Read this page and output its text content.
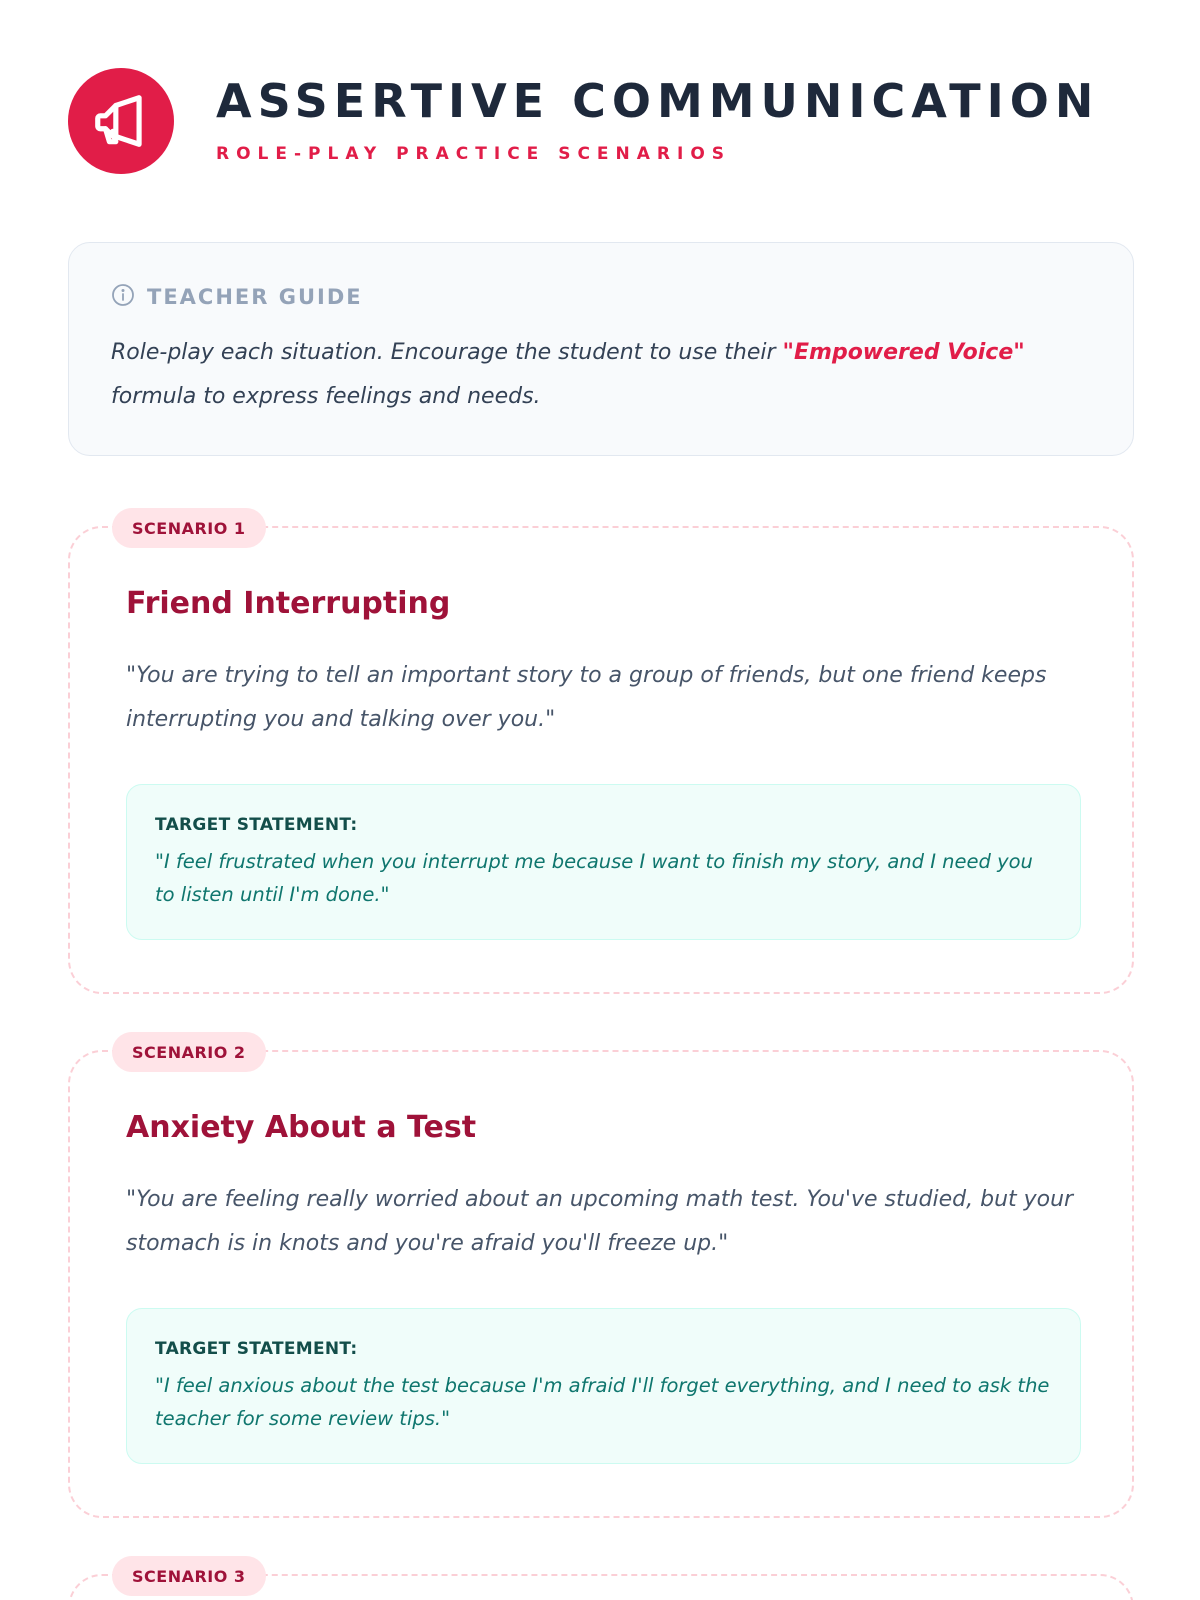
ASSERTIVE COMMUNICATION
ROLE-PLAY PRACTICE SCENARIOS
TEACHER GUIDE

Role-play each situation. Encourage the student to use their "Empowered Voice" formula to express feelings and needs.

SCENARIO 1
Friend Interrupting

"You are trying to tell an important story to a group of friends, but one friend keeps interrupting you and talking over you."

TARGET STATEMENT:

"I feel frustrated when you interrupt me because I want to finish my story, and I need you to listen until I'm done."

SCENARIO 2
Anxiety About a Test

"You are feeling really worried about an upcoming math test. You've studied, but your stomach is in knots and you're afraid you'll freeze up."

TARGET STATEMENT:

"I feel anxious about the test because I'm afraid I'll forget everything, and I need to ask the teacher for some review tips."

SCENARIO 3
